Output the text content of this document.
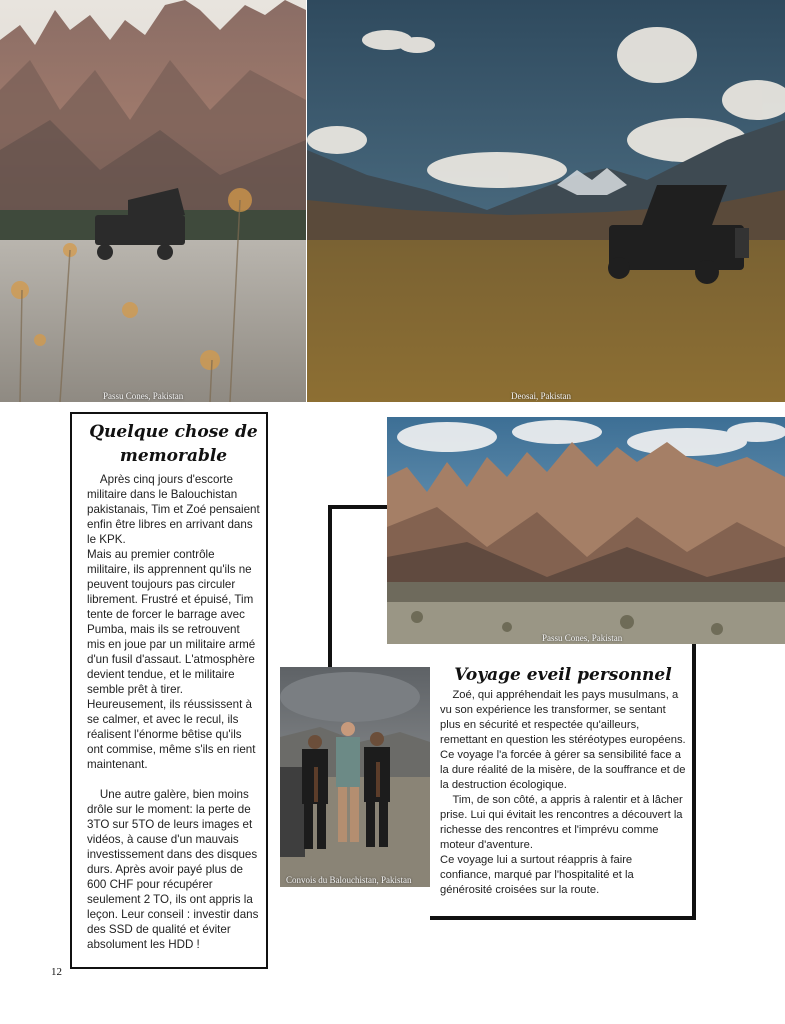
Passu Cones, Pakistan	Deosai, Pakistan
Passu Cones, Pakistan
Quelque chose de memorable

Après cinq jours d'escorte militaire dans le Balouchistan pakistanais, Tim et Zoé pensaient enfin être libres en arrivant dans le KPK.
Mais au premier contrôle militaire, ils apprennent qu'ils ne peuvent toujours pas circuler librement. Frustré et épuisé, Tim tente de forcer le barrage avec Pumba, mais ils se retrouvent mis en joue par un militaire armé d'un fusil d'assaut. L'atmosphère devient tendue, et le militaire semble prêt à tirer. Heureusement, ils réussissent à se calmer, et avec le recul, ils réalisent l'énorme bêtise qu'ils ont commise, même s'ils en rient maintenant.

Une autre galère, bien moins drôle sur le moment: la perte de 3TO sur 5TO de leurs images et vidéos, à cause d'un mauvais investissement dans des disques durs. Après avoir payé plus de 600 CHF pour récupérer seulement 2 TO, ils ont appris la leçon. Leur conseil : investir dans des SSD de qualité et éviter absolument les HDD !

Convois du Balouchistan, Pakistan
Voyage eveil personnel

Zoé, qui appréhendait les pays musulmans, a vu son expérience les transformer, se sentant plus en sécurité et respectée qu'ailleurs, remettant en question les stéréotypes européens.
Ce voyage l'a forcée à gérer sa sensibilité face a la dure réalité de la misère, de la souffrance et de la destruction écologique.

Tim, de son côté, a appris à ralentir et à lâcher prise. Lui qui évitait les rencontres a découvert la richesse des rencontres et l'imprévu comme moteur d'aventure.
Ce voyage lui a surtout réappris à faire confiance, marqué par l'hospitalité et la générosité croisées sur la route.

12
